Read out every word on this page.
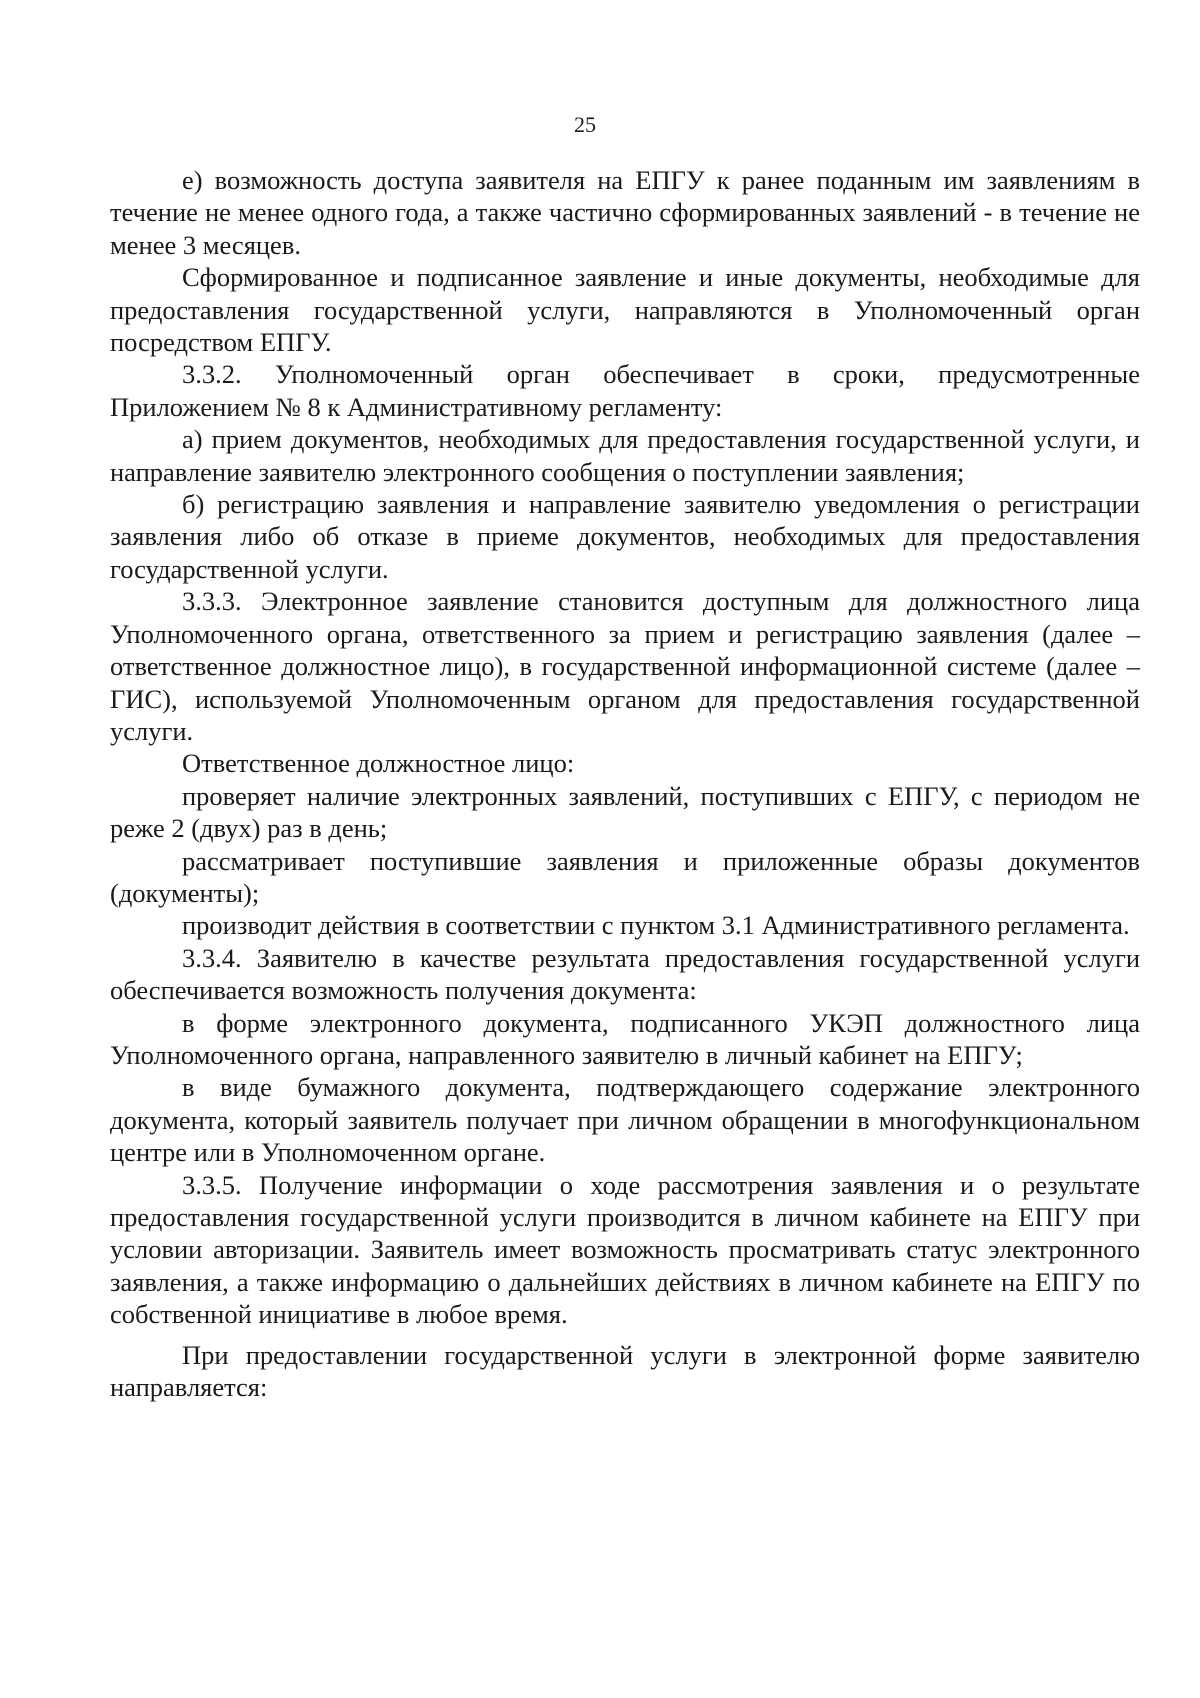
25

е) возможность доступа заявителя на ЕПГУ к ранее поданным им заявлениям в течение не менее одного года, а также частично сформированных заявлений - в течение не менее 3 месяцев.

Сформированное и подписанное заявление и иные документы, необходимые для предоставления государственной услуги, направляются в Уполномоченный орган посредством ЕПГУ.

3.3.2. Уполномоченный орган обеспечивает в сроки, предусмотренные Приложением № 8 к Административному регламенту:

а) прием документов, необходимых для предоставления государственной услуги, и направление заявителю электронного сообщения о поступлении заявления;

б) регистрацию заявления и направление заявителю уведомления о регистрации заявления либо об отказе в приеме документов, необходимых для предоставления государственной услуги.

3.3.3. Электронное заявление становится доступным для должностного лица Уполномоченного органа, ответственного за прием и регистрацию заявления (далее – ответственное должностное лицо), в государственной информационной системе (далее – ГИС), используемой Уполномоченным органом для предоставления государственной услуги.

Ответственное должностное лицо:

проверяет наличие электронных заявлений, поступивших с ЕПГУ, с периодом не реже 2 (двух) раз в день;

рассматривает поступившие заявления и приложенные образы документов (документы);

производит действия в соответствии с пунктом 3.1 Административного регламента.

3.3.4. Заявителю в качестве результата предоставления государственной услуги обеспечивается возможность получения документа:

в форме электронного документа, подписанного УКЭП должностного лица Уполномоченного органа, направленного заявителю в личный кабинет на ЕПГУ;

в виде бумажного документа, подтверждающего содержание электронного документа, который заявитель получает при личном обращении в многофункциональном центре или в Уполномоченном органе.

3.3.5. Получение информации о ходе рассмотрения заявления и о результате предоставления государственной услуги производится в личном кабинете на ЕПГУ при условии авторизации. Заявитель имеет возможность просматривать статус электронного заявления, а также информацию о дальнейших действиях в личном кабинете на ЕПГУ по собственной инициативе в любое время.

При предоставлении государственной услуги в электронной форме заявителю направляется:
